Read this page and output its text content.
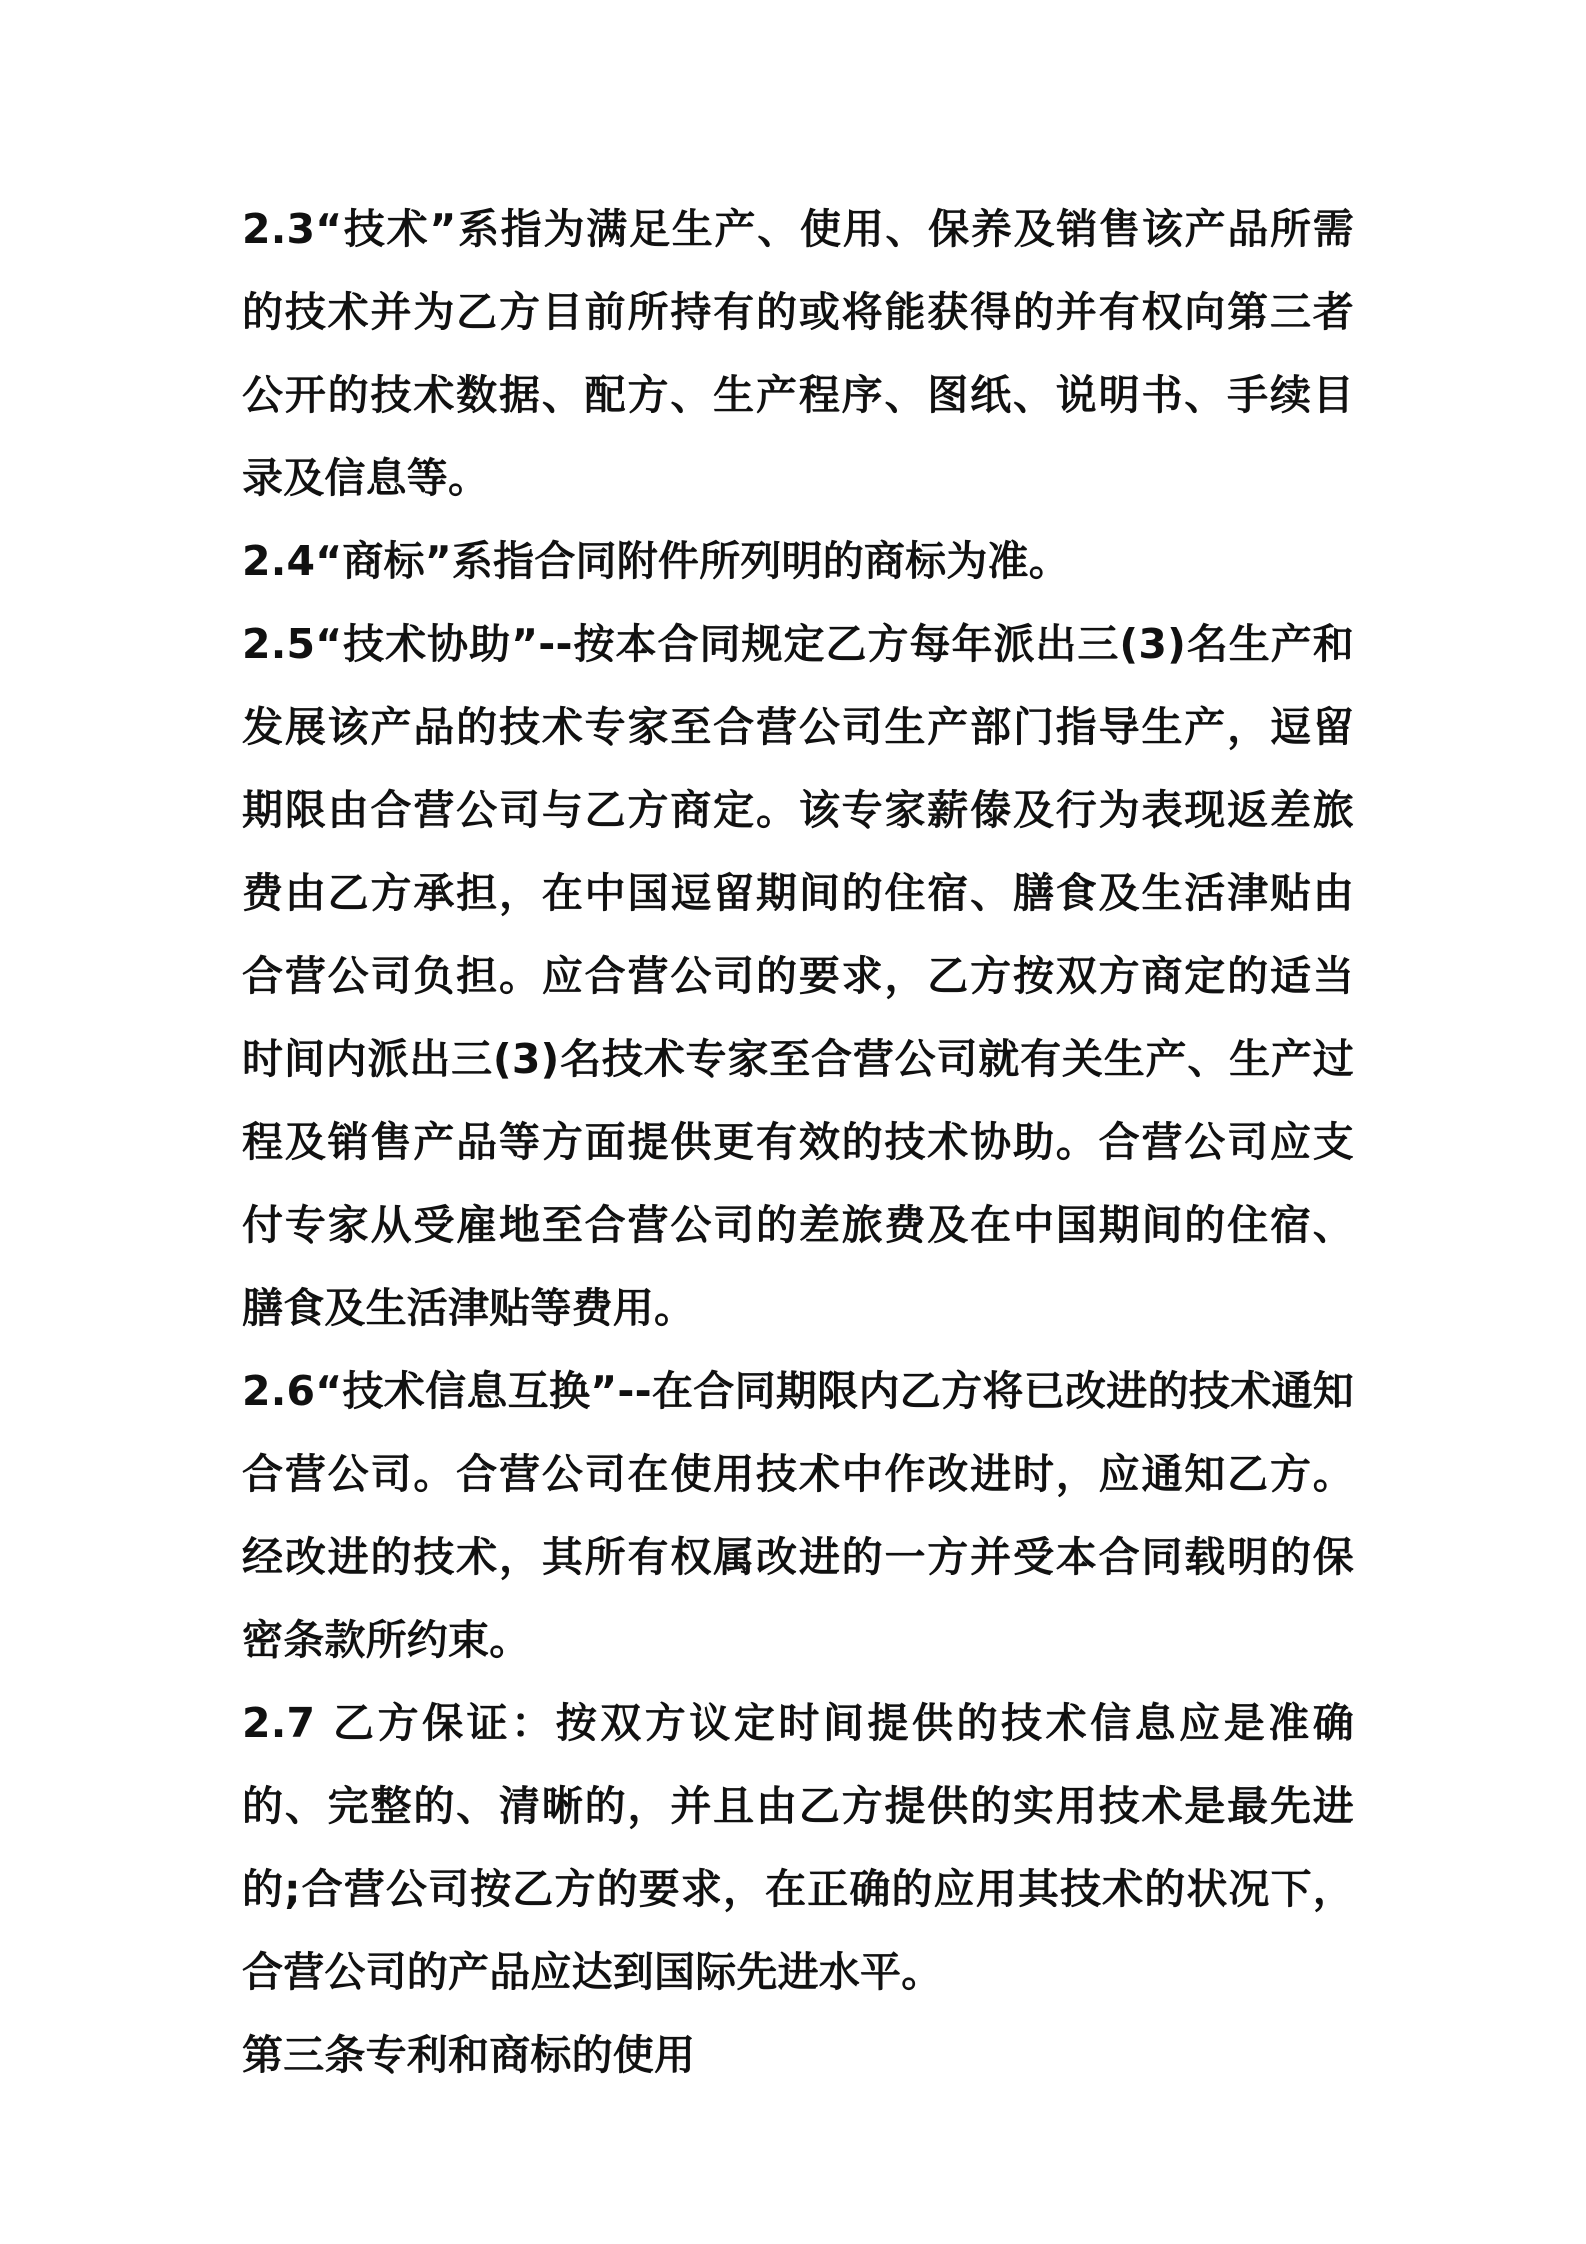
2.3“技术”系指为满足生产、使用、保养及销售该产品所需的技术并为乙方目前所持有的或将能获得的并有权向第三者公开的技术数据、配方、生产程序、图纸、说明书、手续目录及信息等。

2.4“商标”系指合同附件所列明的商标为准。

2.5“技术协助”--按本合同规定乙方每年派出三(3)名生产和发展该产品的技术专家至合营公司生产部门指导生产，逗留期限由合营公司与乙方商定。该专家薪傣及行为表现返差旅费由乙方承担，在中国逗留期间的住宿、膳食及生活津贴由合营公司负担。应合营公司的要求，乙方按双方商定的适当时间内派出三(3)名技术专家至合营公司就有关生产、生产过程及销售产品等方面提供更有效的技术协助。合营公司应支付专家从受雇地至合营公司的差旅费及在中国期间的住宿、膳食及生活津贴等费用。

2.6“技术信息互换”--在合同期限内乙方将已改进的技术通知合营公司。合营公司在使用技术中作改进时，应通知乙方。经改进的技术，其所有权属改进的一方并受本合同载明的保密条款所约束。

2.7 乙方保证：按双方议定时间提供的技术信息应是准确的、完整的、清晰的，并且由乙方提供的实用技术是最先进的;合营公司按乙方的要求，在正确的应用其技术的状况下，合营公司的产品应达到国际先进水平。

第三条专利和商标的使用
